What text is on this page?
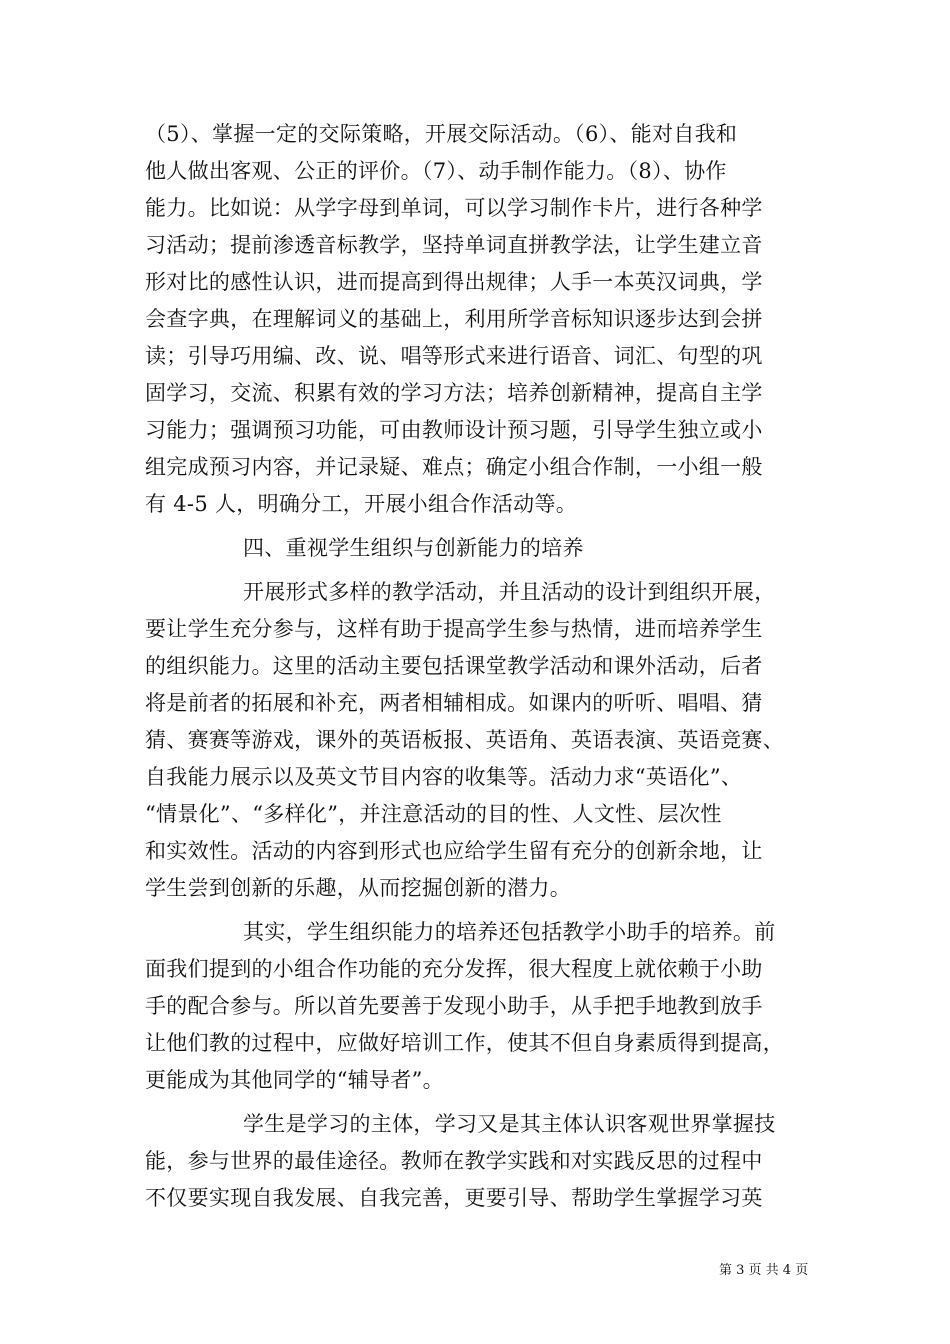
（5）、掌握一定的交际策略，开展交际活动。（6）、能对自我和
他人做出客观、公正的评价。（7）、动手制作能力。（8）、协作
能力。比如说：从学字母到单词，可以学习制作卡片，进行各种学
习活动；提前渗透音标教学，坚持单词直拼教学法，让学生建立音
形对比的感性认识，进而提高到得出规律；人手一本英汉词典，学
会查字典，在理解词义的基础上，利用所学音标知识逐步达到会拼
读；引导巧用编、改、说、唱等形式来进行语音、词汇、句型的巩
固学习，交流、积累有效的学习方法；培养创新精神，提高自主学
习能力；强调预习功能，可由教师设计预习题，引导学生独立或小
组完成预习内容，并记录疑、难点；确定小组合作制，一小组一般
有 4-5 人，明确分工，开展小组合作活动等。
四、重视学生组织与创新能力的培养
开展形式多样的教学活动，并且活动的设计到组织开展，
要让学生充分参与，这样有助于提高学生参与热情，进而培养学生
的组织能力。这里的活动主要包括课堂教学活动和课外活动，后者
将是前者的拓展和补充，两者相辅相成。如课内的听听、唱唱、猜
猜、赛赛等游戏，课外的英语板报、英语角、英语表演、英语竞赛、
自我能力展示以及英文节目内容的收集等。活动力求“英语化”、
“情景化”、“多样化”，并注意活动的目的性、人文性、层次性
和实效性。活动的内容到形式也应给学生留有充分的创新余地，让
学生尝到创新的乐趣，从而挖掘创新的潜力。
其实，学生组织能力的培养还包括教学小助手的培养。前
面我们提到的小组合作功能的充分发挥，很大程度上就依赖于小助
手的配合参与。所以首先要善于发现小助手，从手把手地教到放手
让他们教的过程中，应做好培训工作，使其不但自身素质得到提高，
更能成为其他同学的“辅导者”。
学生是学习的主体，学习又是其主体认识客观世界掌握技
能，参与世界的最佳途径。教师在教学实践和对实践反思的过程中
不仅要实现自我发展、自我完善，更要引导、帮助学生掌握学习英
第 3 页 共 4 页
